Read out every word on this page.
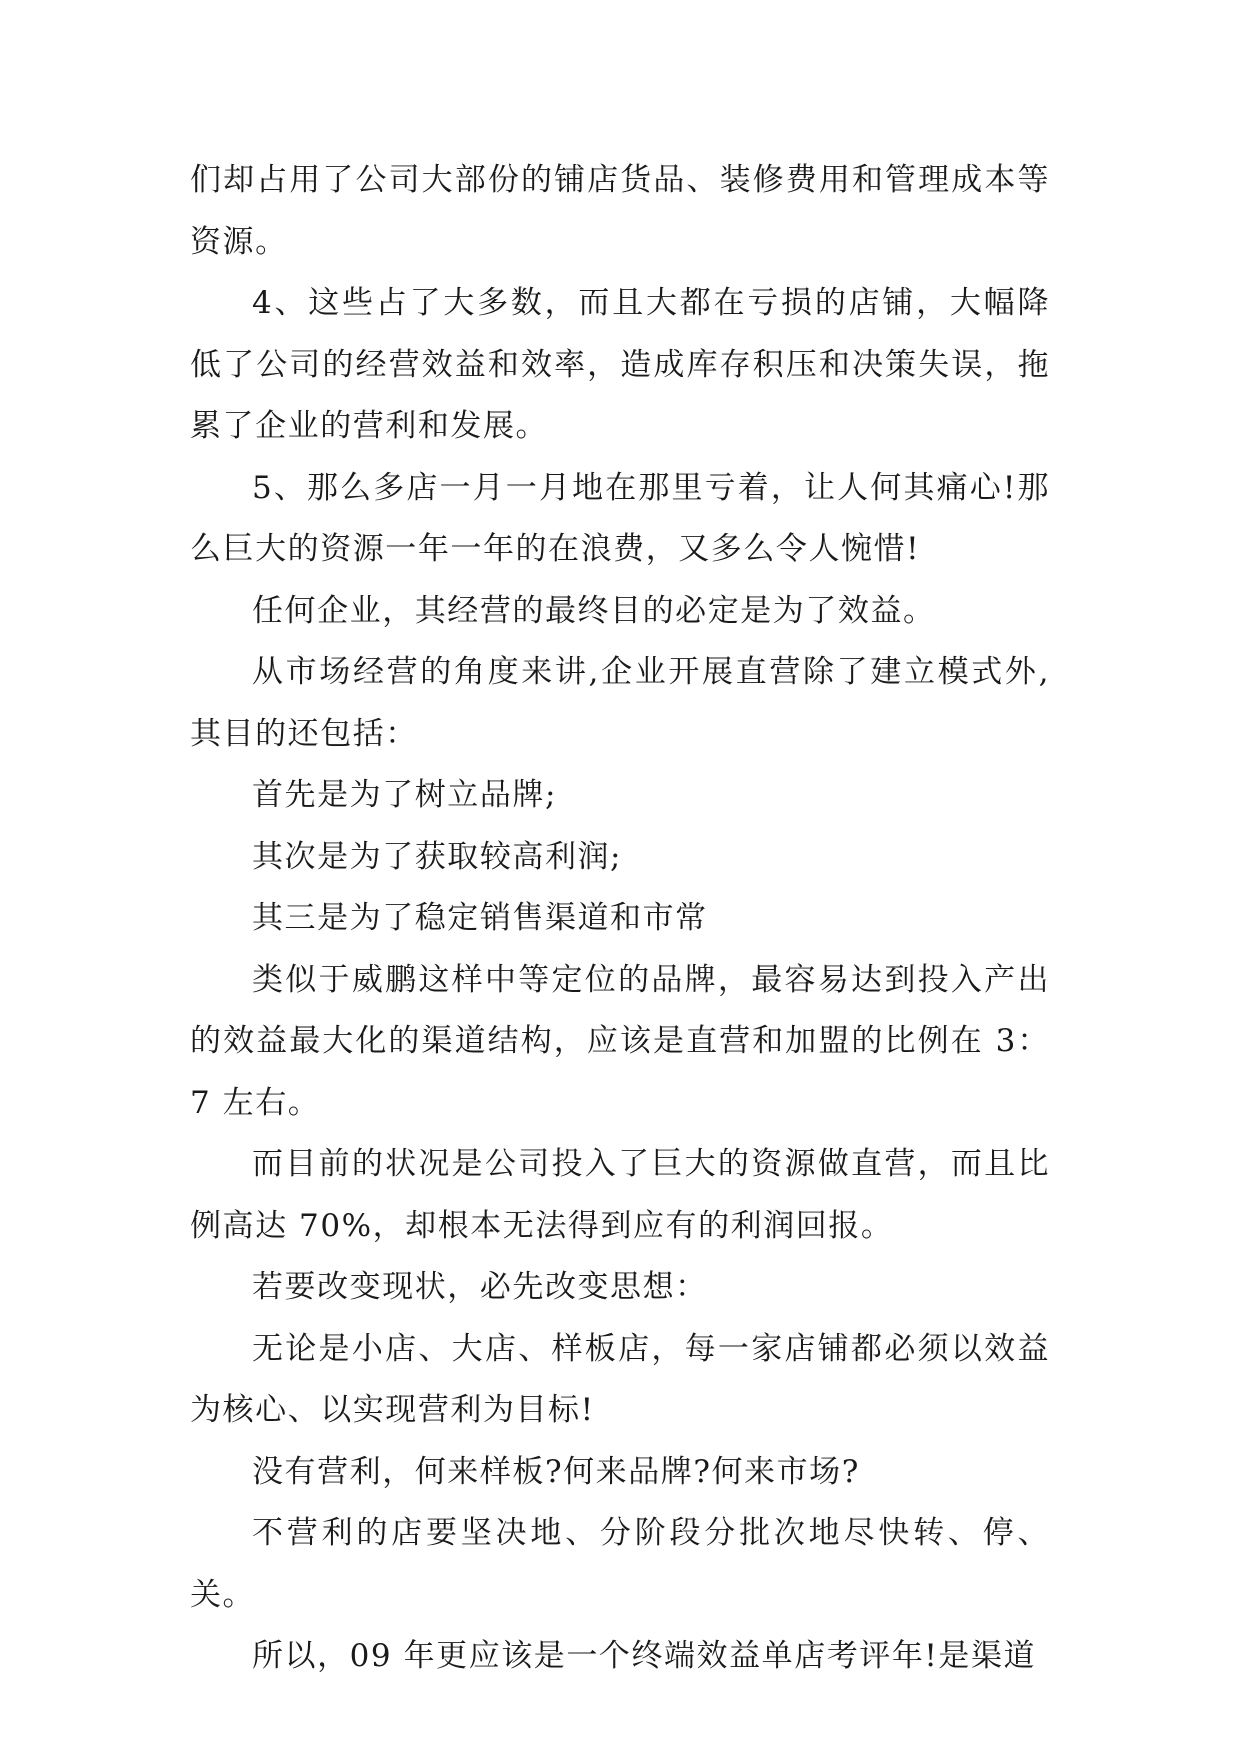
们却占用了公司大部份的铺店货品、装修费用和管理成本等资源。

4、这些占了大多数，而且大都在亏损的店铺，大幅降低了公司的经营效益和效率，造成库存积压和决策失误，拖累了企业的营利和发展。

5、那么多店一月一月地在那里亏着，让人何其痛心!那么巨大的资源一年一年的在浪费，又多么令人惋惜!

任何企业，其经营的最终目的必定是为了效益。

从市场经营的角度来讲,企业开展直营除了建立模式外,其目的还包括：

首先是为了树立品牌;

其次是为了获取较高利润;

其三是为了稳定销售渠道和市常

类似于威鹏这样中等定位的品牌，最容易达到投入产出的效益最大化的渠道结构，应该是直营和加盟的比例在 3：7 左右。

而目前的状况是公司投入了巨大的资源做直营，而且比例高达 70%，却根本无法得到应有的利润回报。

若要改变现状，必先改变思想：

无论是小店、大店、样板店，每一家店铺都必须以效益为核心、以实现营利为目标!

没有营利，何来样板?何来品牌?何来市场?

不营利的店要坚决地、分阶段分批次地尽快转、停、关。

所以，09 年更应该是一个终端效益单店考评年!是渠道
